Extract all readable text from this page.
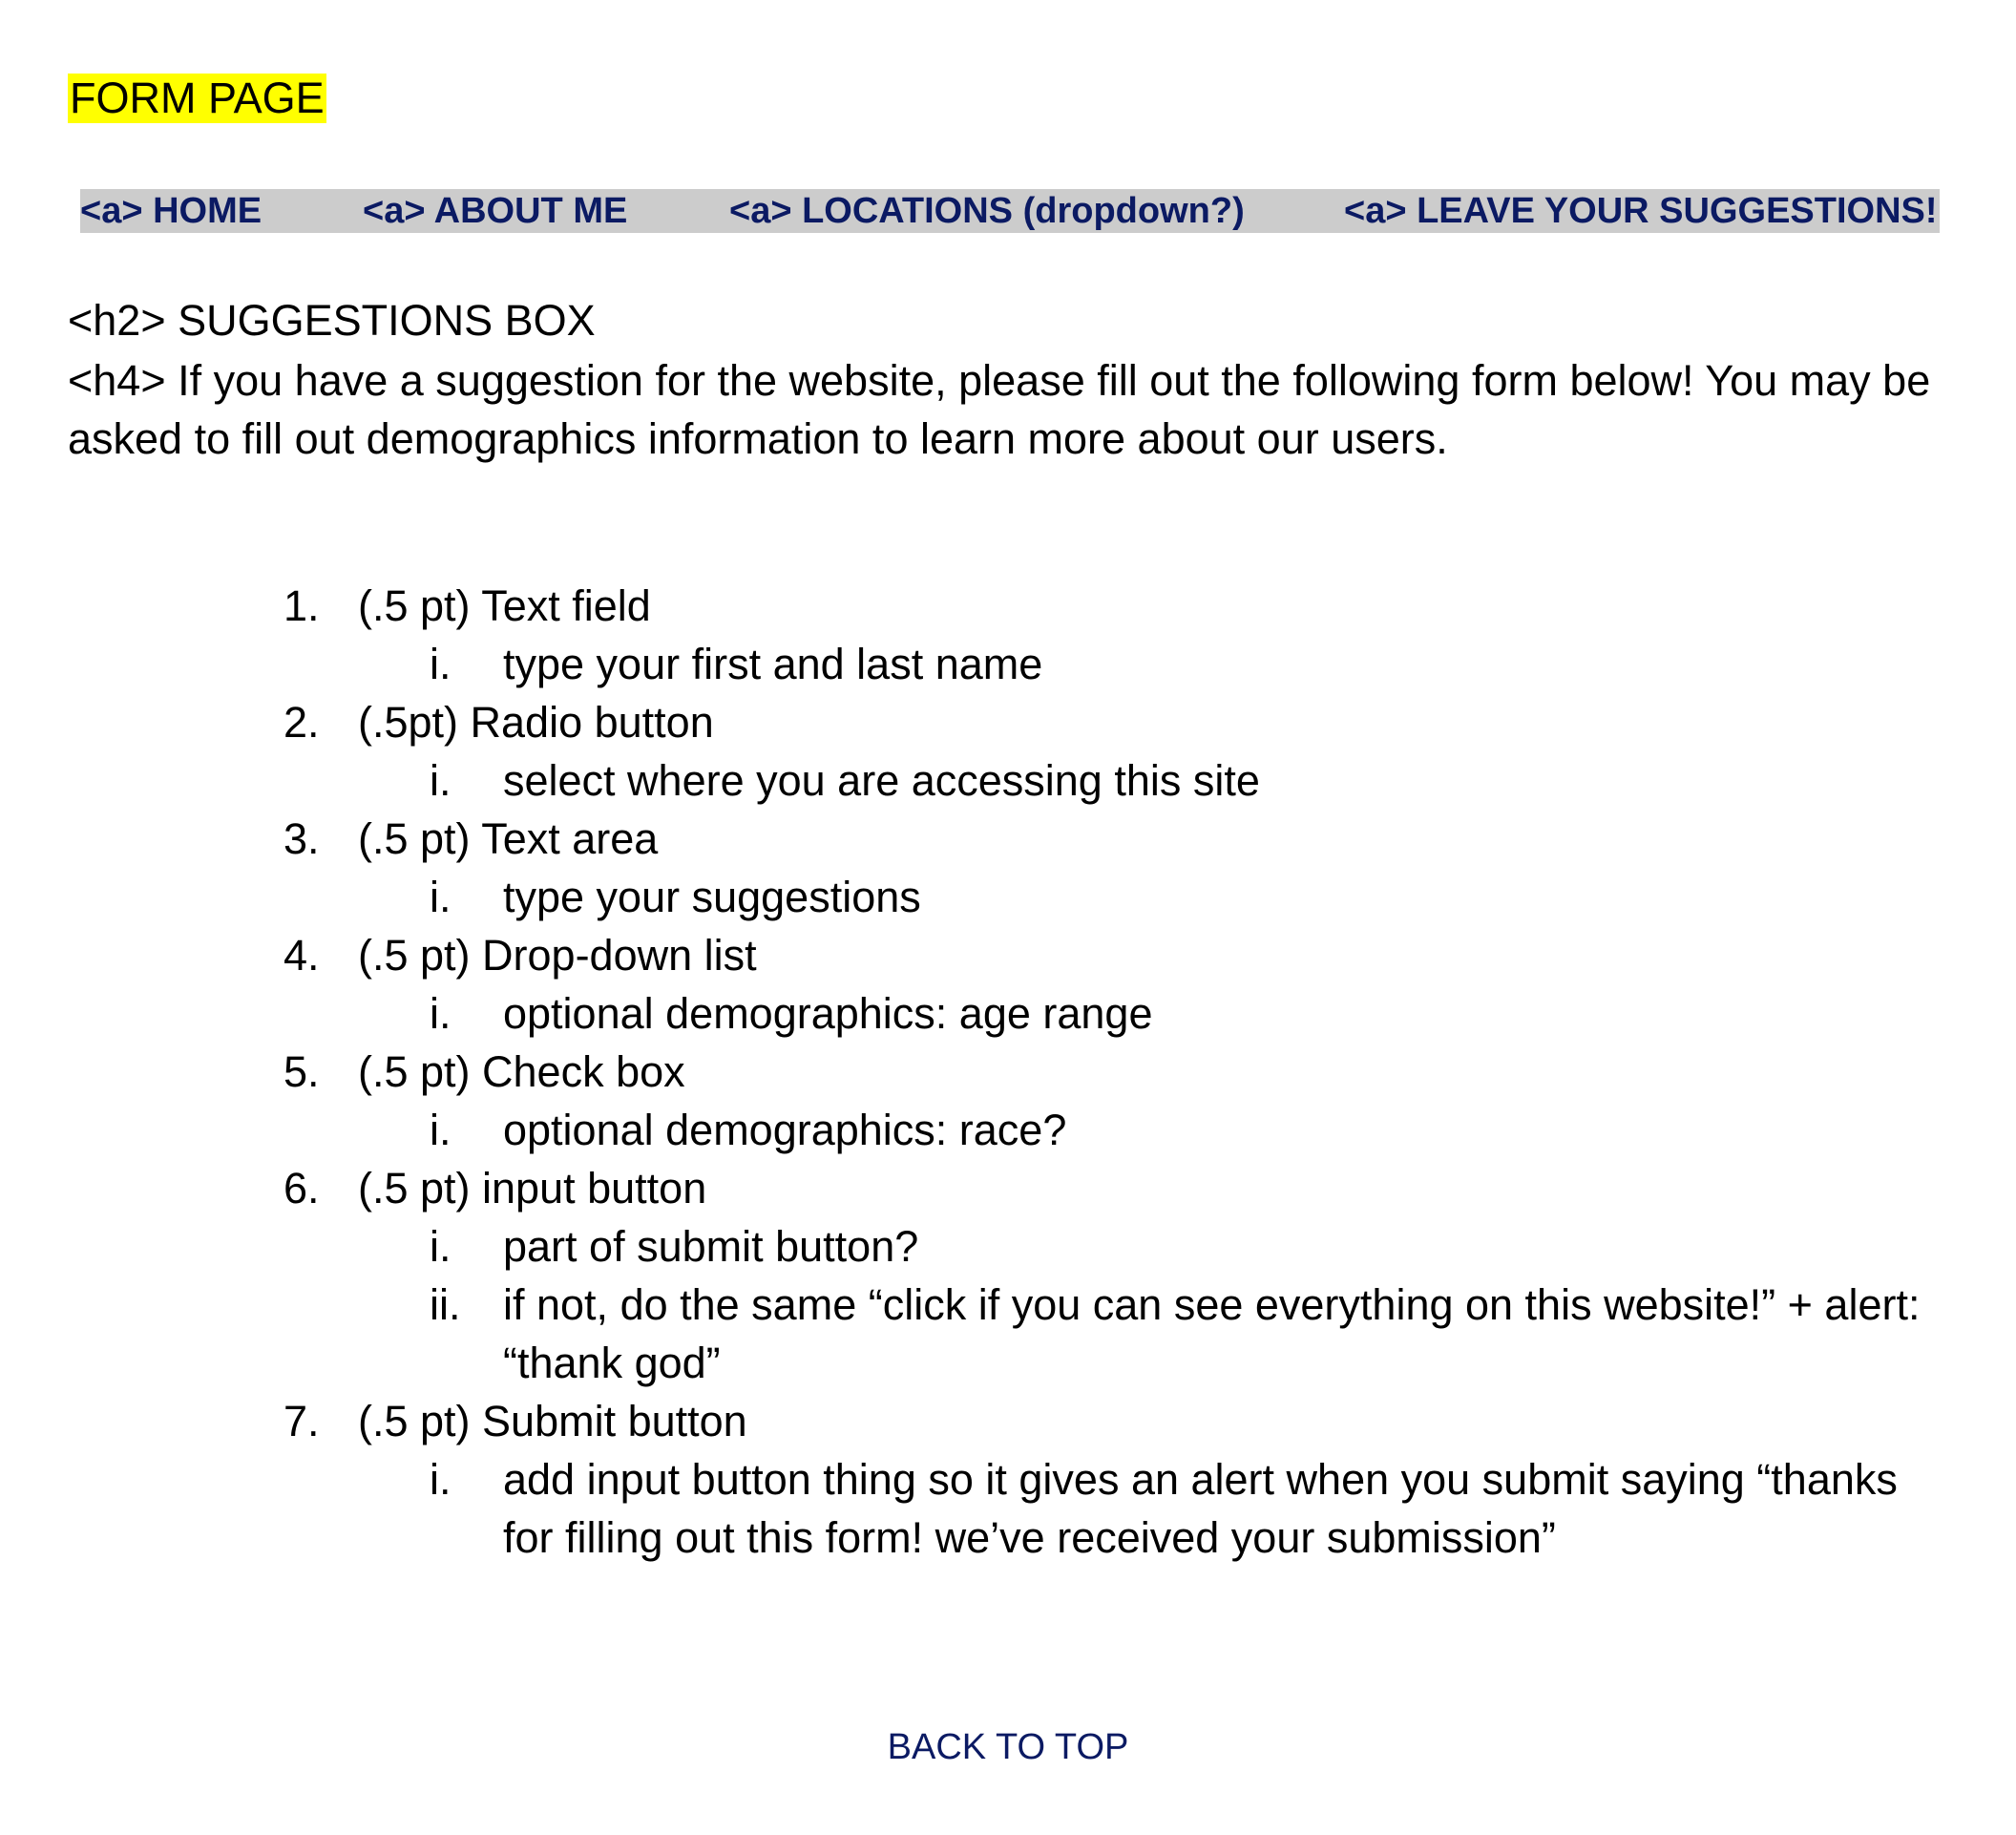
FORM PAGE
<a> HOME	<a> ABOUT ME	<a> LOCATIONS (dropdown?)	<a> LEAVE YOUR SUGGESTIONS!
<h2> SUGGESTIONS BOX
<h4> If you have a suggestion for the website, please fill out the following form below! You may be asked to fill out demographics information to learn more about our users.
1. (.5 pt) Text field
i. type your first and last name
2. (.5pt) Radio button
i. select where you are accessing this site
3. (.5 pt) Text area
i. type your suggestions
4. (.5 pt) Drop-down list
i. optional demographics: age range
5. (.5 pt) Check box
i. optional demographics: race?
6. (.5 pt) input button
i. part of submit button?
ii. if not, do the same “click if you can see everything on this website!” + alert: “thank god”
7. (.5 pt) Submit button
i. add input button thing so it gives an alert when you submit saying “thanks for filling out this form! we’ve received your submission”
BACK TO TOP
